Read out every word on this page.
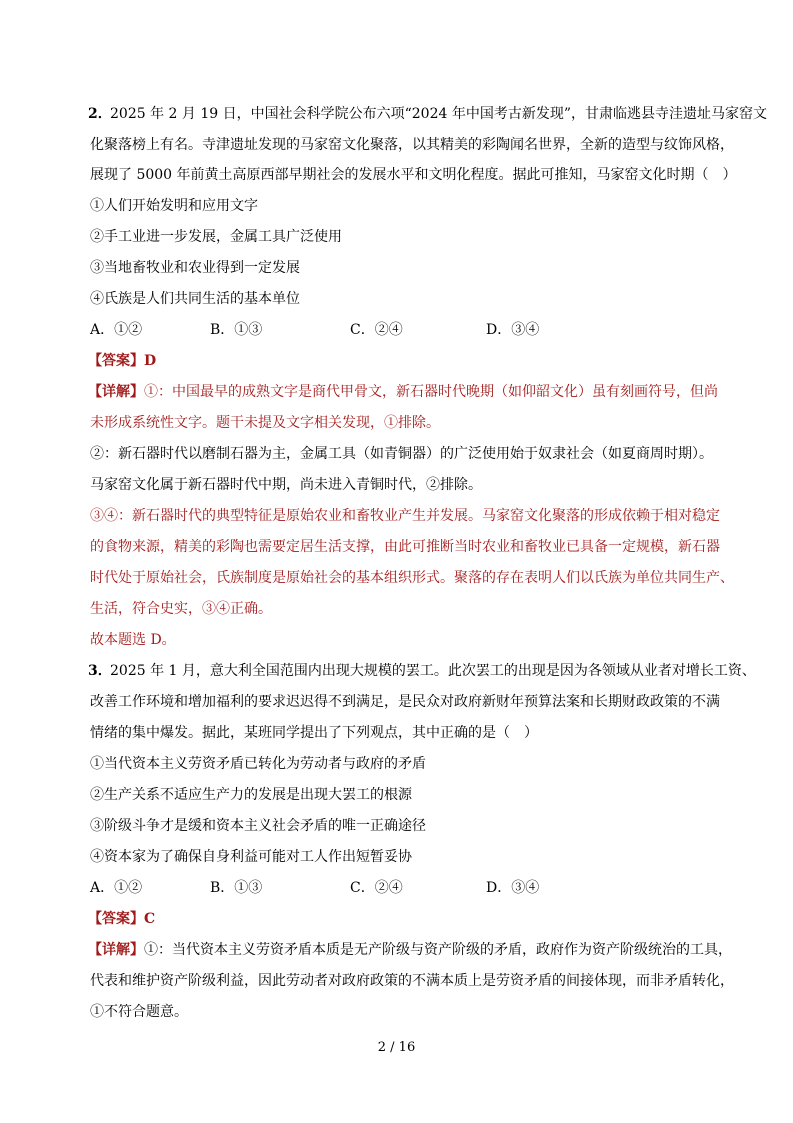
2．
2025 年 2 月 19 日，中国社会科学院公布六项“2024 年中国考古新发现”，甘肃临逃县寺洼遗址马家窑文
化聚落榜上有名。寺津遗址发现的马家窑文化聚落，以其精美的彩陶闻名世界，全新的造型与纹饰风格，
展现了 5000 年前黄土高原西部早期社会的发展水平和文明化程度。据此可推知，马家窑文化时期（　）
①人们开始发明和应用文字
②手工业进一步发展，金属工具广泛使用
③当地畜牧业和农业得到一定发展
④氏族是人们共同生活的基本单位
A．①②	B．①③	C．②④	D．③④
【答案】D
【详解】①：中国最早的成熟文字是商代甲骨文，新石器时代晚期（如仰韶文化）虽有刻画符号，但尚
未形成系统性文字。题干未提及文字相关发现，①排除。
②：新石器时代以磨制石器为主，金属工具（如青铜器）的广泛使用始于奴隶社会（如夏商周时期）。
马家窑文化属于新石器时代中期，尚未进入青铜时代，②排除。
③④：新石器时代的典型特征是原始农业和畜牧业产生并发展。马家窑文化聚落的形成依赖于相对稳定
的食物来源，精美的彩陶也需要定居生活支撑，由此可推断当时农业和畜牧业已具备一定规模，新石器
时代处于原始社会，氏族制度是原始社会的基本组织形式。聚落的存在表明人们以氏族为单位共同生产、
生活，符合史实，③④正确。
故本题选 D。
3．
2025 年 1 月，意大利全国范围内出现大规模的罢工。此次罢工的出现是因为各领域从业者对增长工资、
改善工作环境和增加福利的要求迟迟得不到满足，是民众对政府新财年预算法案和长期财政政策的不满
情绪的集中爆发。据此，某班同学提出了下列观点，其中正确的是（　）
①当代资本主义劳资矛盾已转化为劳动者与政府的矛盾
②生产关系不适应生产力的发展是出现大罢工的根源
③阶级斗争才是缓和资本主义社会矛盾的唯一正确途径
④资本家为了确保自身利益可能对工人作出短暂妥协
A．①②	B．①③	C．②④	D．③④
【答案】C
【详解】①：当代资本主义劳资矛盾本质是无产阶级与资产阶级的矛盾，政府作为资产阶级统治的工具，
代表和维护资产阶级利益，因此劳动者对政府政策的不满本质上是劳资矛盾的间接体现，而非矛盾转化，
①不符合题意。
2 / 16
